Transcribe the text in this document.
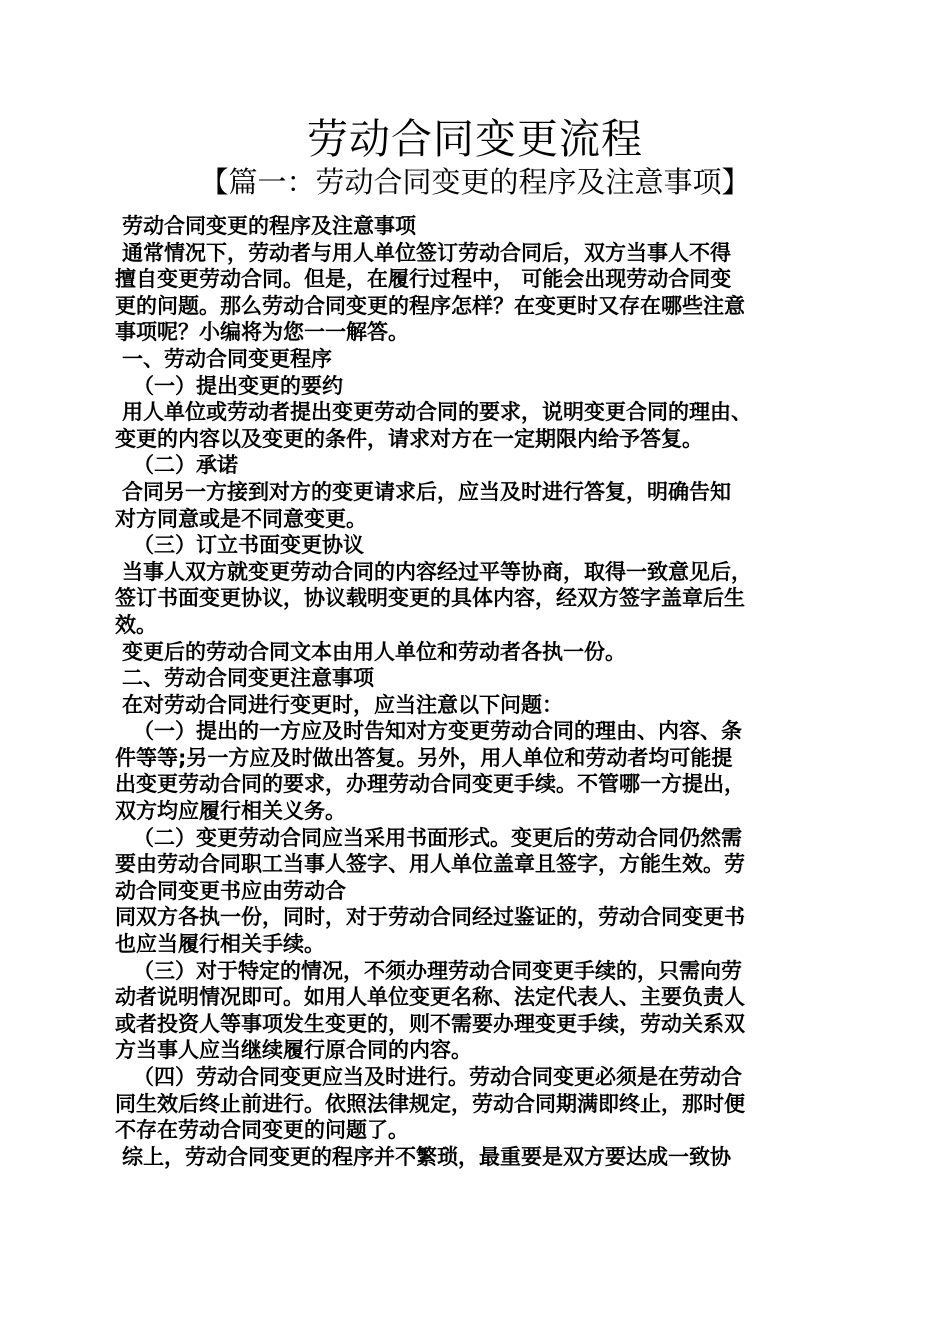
劳动合同变更流程
【篇一：劳动合同变更的程序及注意事项】
劳动合同变更的程序及注意事项
通常情况下，劳动者与用人单位签订劳动合同后，双方当事人不得
擅自变更劳动合同。但是，在履行过程中， 可能会出现劳动合同变
更的问题。那么劳动合同变更的程序怎样？在变更时又存在哪些注意
事项呢？小编将为您一一解答。
一、劳动合同变更程序
（一）提出变更的要约
用人单位或劳动者提出变更劳动合同的要求，说明变更合同的理由、
变更的内容以及变更的条件，请求对方在一定期限内给予答复。
（二）承诺
合同另一方接到对方的变更请求后，应当及时进行答复，明确告知
对方同意或是不同意变更。
（三）订立书面变更协议
当事人双方就变更劳动合同的内容经过平等协商，取得一致意见后，
签订书面变更协议，协议载明变更的具体内容，经双方签字盖章后生
效。
变更后的劳动合同文本由用人单位和劳动者各执一份。
二、劳动合同变更注意事项
在对劳动合同进行变更时，应当注意以下问题：
（一）提出的一方应及时告知对方变更劳动合同的理由、内容、条
件等等;另一方应及时做出答复。另外，用人单位和劳动者均可能提
出变更劳动合同的要求，办理劳动合同变更手续。不管哪一方提出，
双方均应履行相关义务。
（二）变更劳动合同应当采用书面形式。变更后的劳动合同仍然需
要由劳动合同职工当事人签字、用人单位盖章且签字，方能生效。劳
动合同变更书应由劳动合
同双方各执一份，同时，对于劳动合同经过鉴证的，劳动合同变更书
也应当履行相关手续。
（三）对于特定的情况，不须办理劳动合同变更手续的，只需向劳
动者说明情况即可。如用人单位变更名称、法定代表人、主要负责人
或者投资人等事项发生变更的，则不需要办理变更手续，劳动关系双
方当事人应当继续履行原合同的内容。
（四）劳动合同变更应当及时进行。劳动合同变更必须是在劳动合
同生效后终止前进行。依照法律规定，劳动合同期满即终止，那时便
不存在劳动合同变更的问题了。
综上，劳动合同变更的程序并不繁琐，最重要是双方要达成一致协
